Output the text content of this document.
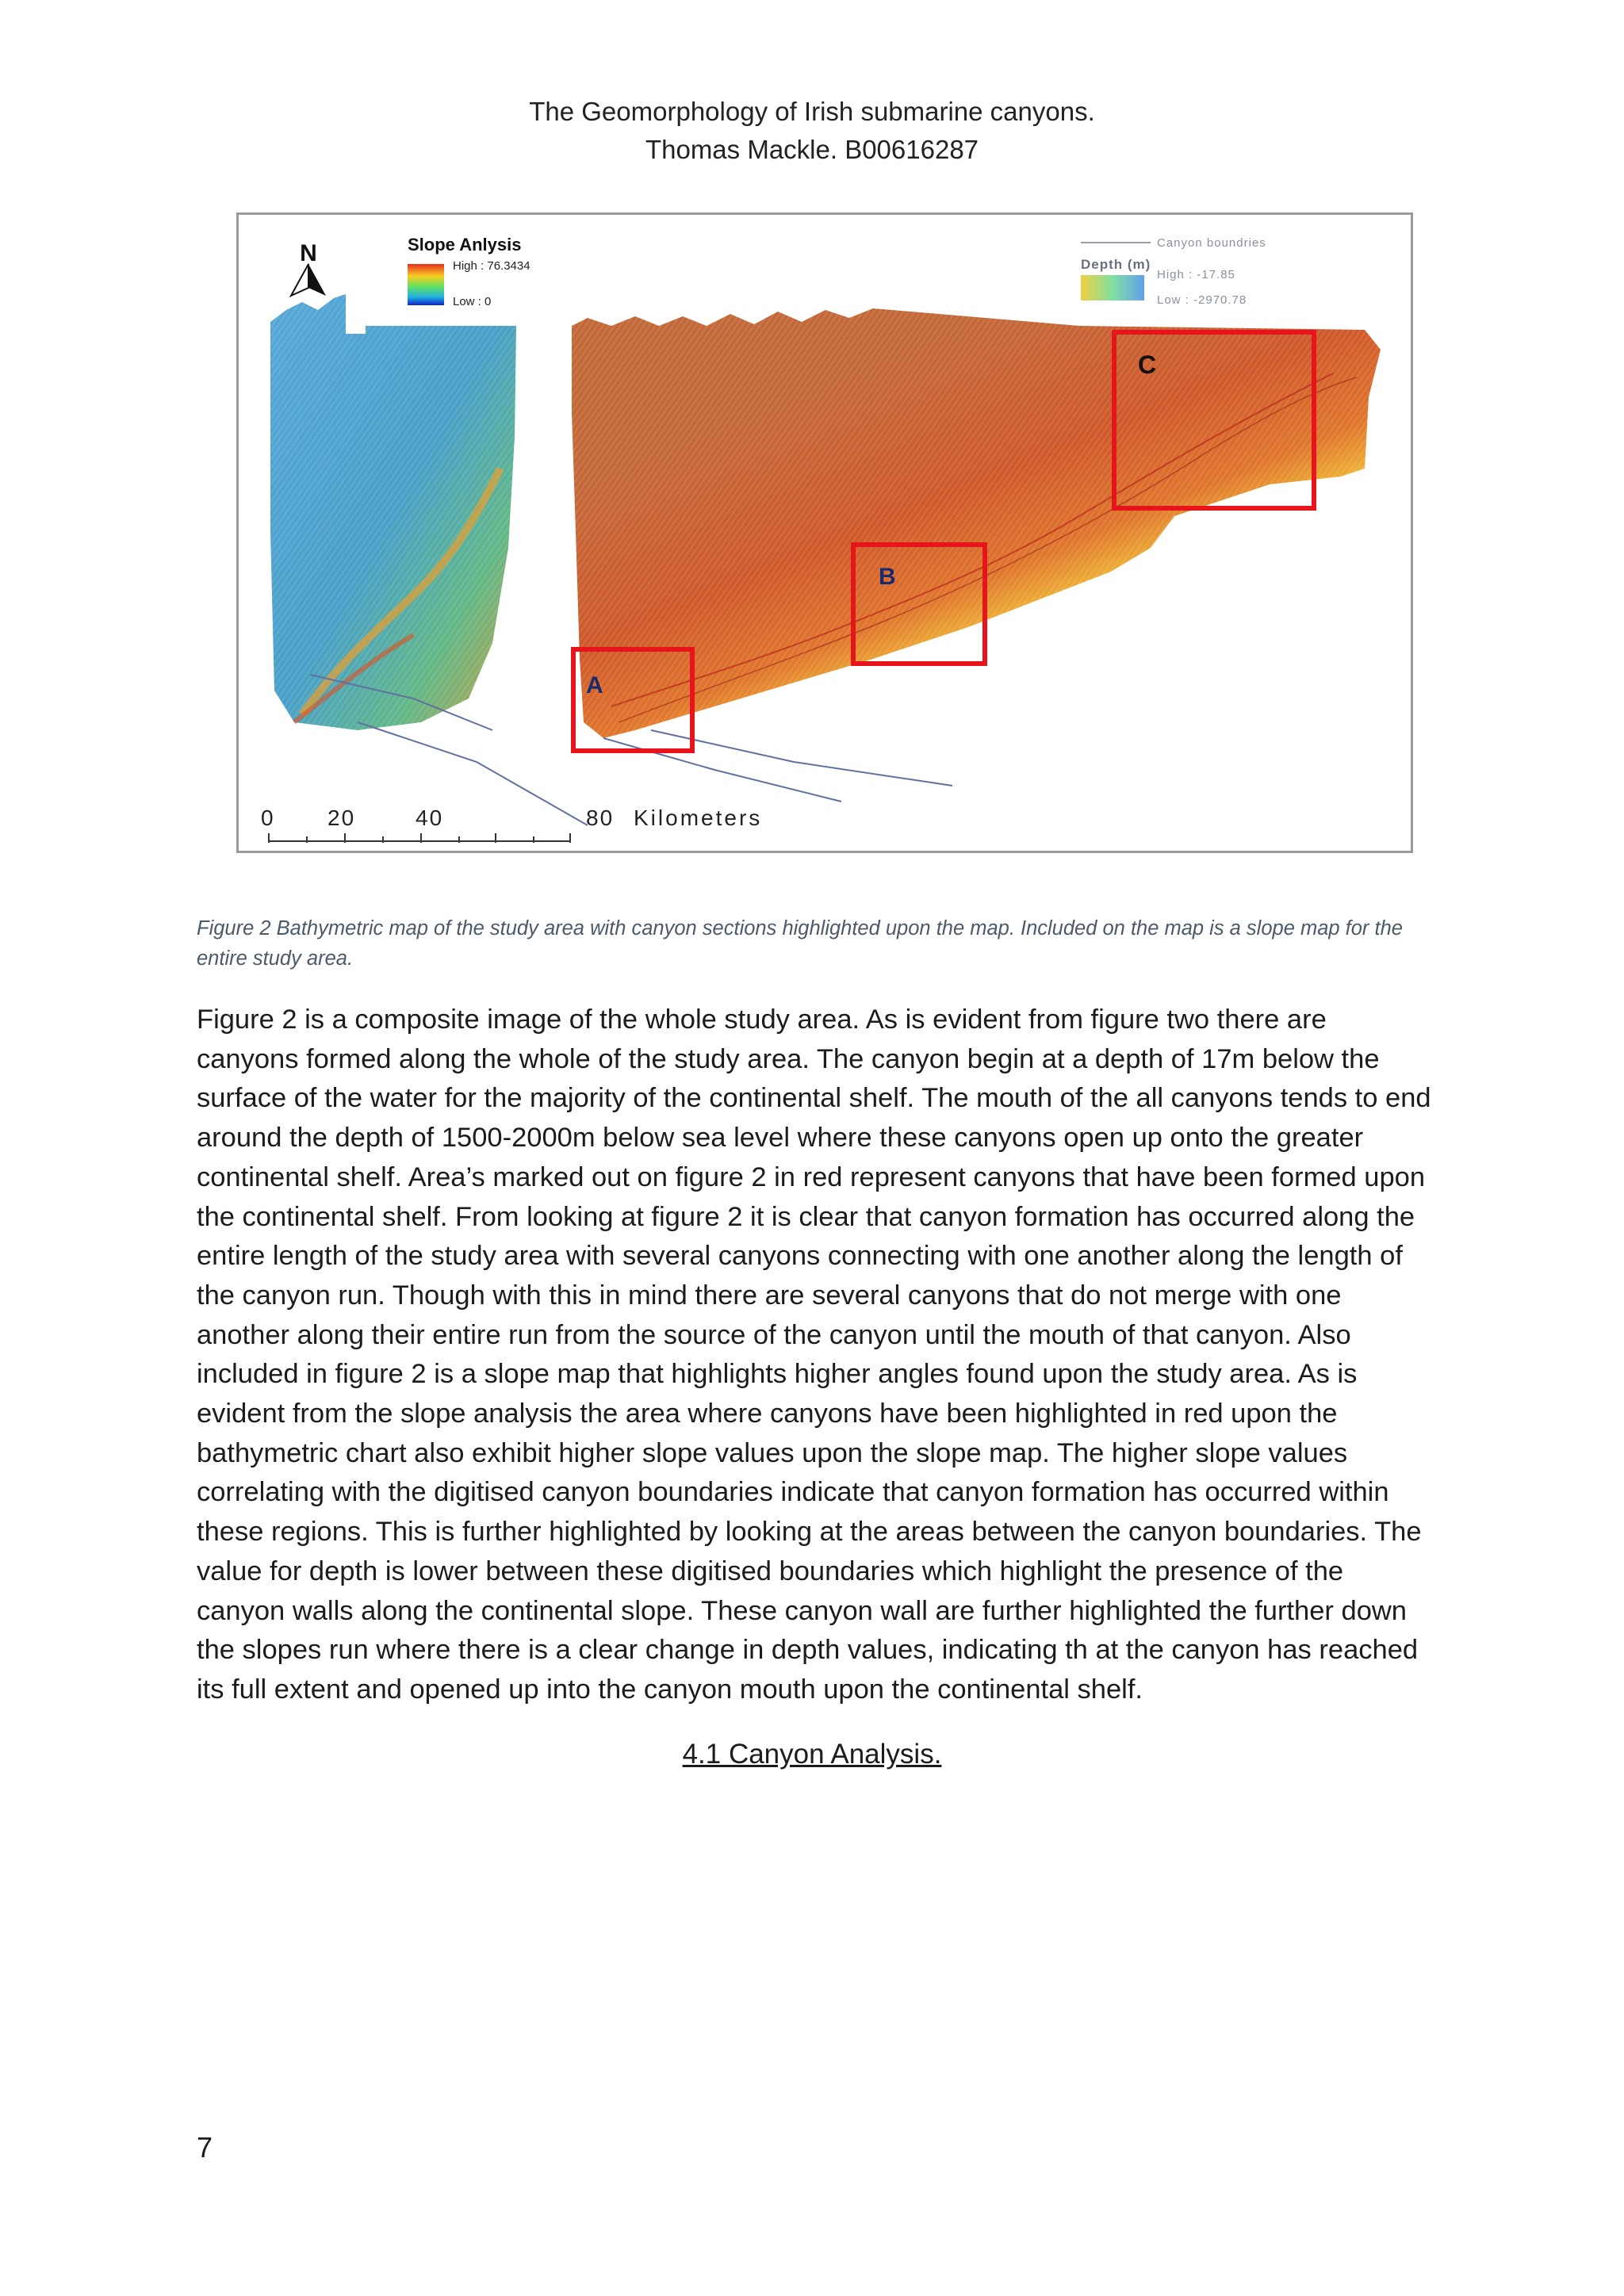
The Geomorphology of Irish submarine canyons.
Thomas Mackle. B00616287
N	Slope Anlysis
High : 76.3434
Low : 0
Canyon boundries
Depth (m)
High : -17.85
Low : -2970.78
A
B
C
0 20	40	80 Kilometers
Figure 2 Bathymetric map of the study area with canyon sections highlighted upon the map. Included on the map is a slope map for the entire study area.

Figure 2 is a composite image of the whole study area. As is evident from figure two there are canyons formed along the whole of the study area. The canyon begin at a depth of 17m below the surface of the water for the majority of the continental shelf. The mouth of the all canyons tends to end around the depth of 1500-2000m below sea level where these canyons open up onto the greater continental shelf. Area’s marked out on figure 2 in red represent canyons that have been formed upon the continental shelf. From looking at figure 2 it is clear that canyon formation has occurred along the entire length of the study area with several canyons connecting with one another along the length of the canyon run. Though with this in mind there are several canyons that do not merge with one another along their entire run from the source of the canyon until the mouth of that canyon. Also included in figure 2 is a slope map that highlights higher angles found upon the study area. As is evident from the slope analysis the area where canyons have been highlighted in red upon the bathymetric chart also exhibit higher slope values upon the slope map. The higher slope values correlating with the digitised canyon boundaries indicate that canyon formation has occurred within these regions. This is further highlighted by looking at the areas between the canyon boundaries. The value for depth is lower between these digitised boundaries which highlight the presence of the canyon walls along the continental slope. These canyon wall are further highlighted the further down the slopes run where there is a clear change in depth values, indicating th at the canyon has reached its full extent and opened up into the canyon mouth upon the continental shelf.

4.1 Canyon Analysis.
7
